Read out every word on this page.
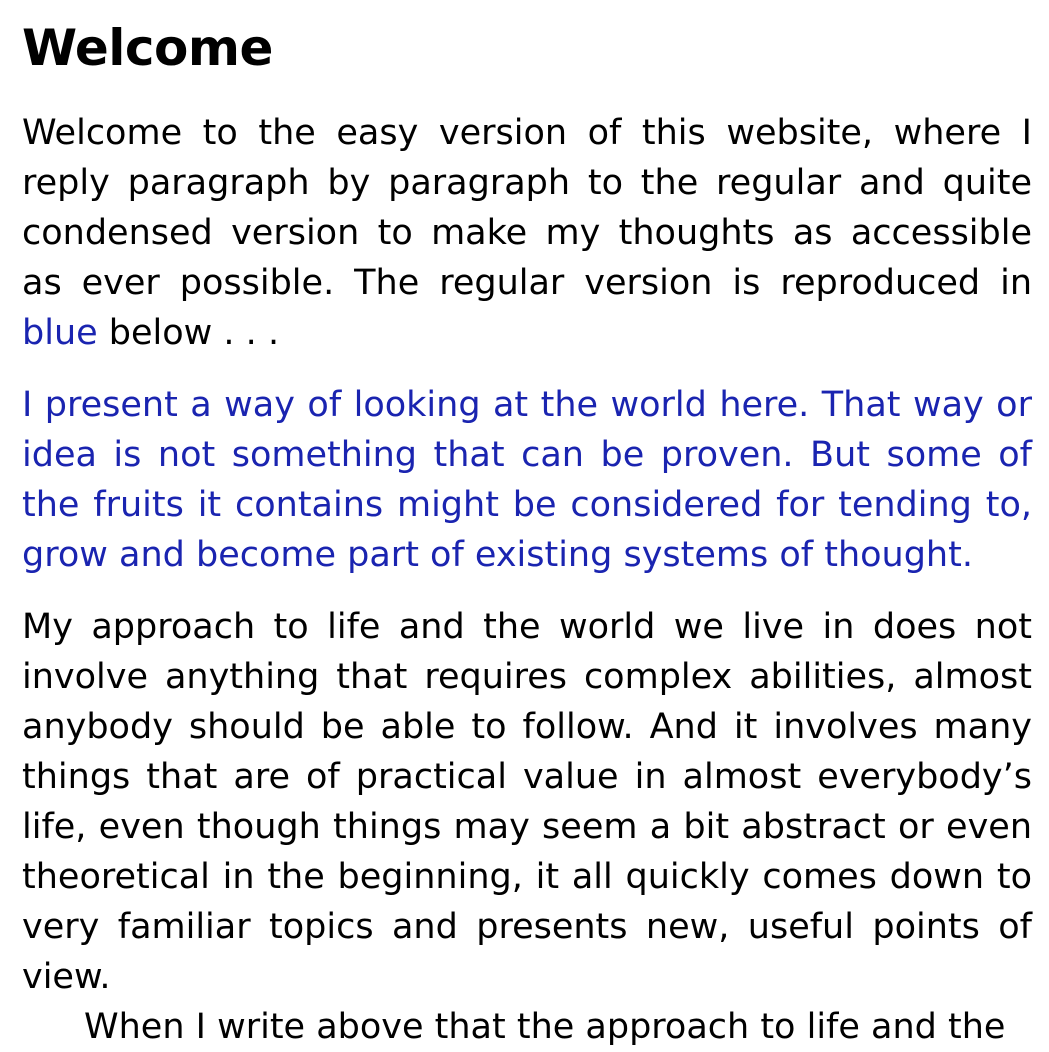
Welcome

Welcome to the easy version of this website, where I reply paragraph by paragraph to the regular and quite condensed version to make my thoughts as accessible as ever possible. The regular version is reproduced in blue below . . .

I present a way of looking at the world here. That way or idea is not something that can be proven. But some of the fruits it contains might be considered for tending to, grow and become part of existing systems of thought.

My approach to life and the world we live in does not involve anything that requires complex abilities, almost anybody should be able to follow. And it involves many things that are of practical value in almost everybody’s life, even though things may seem a bit abstract or even theoretical in the beginning, it all quickly comes down to very familiar topics and presents new, useful points of view.

When I write above that the approach to life and the
